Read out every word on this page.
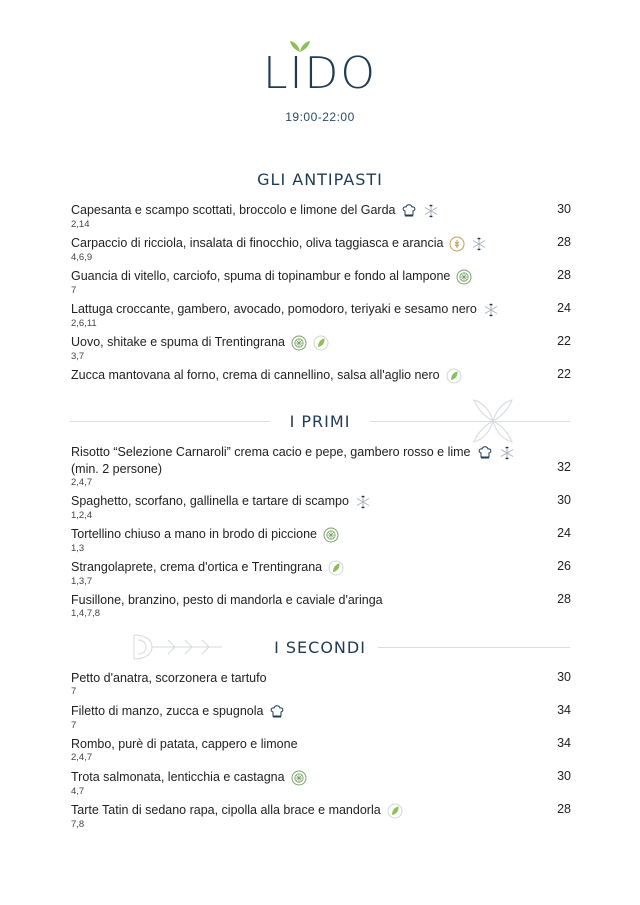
LIDO
19:00-22:00
GLI ANTIPASTI
Capesanta e scampo scottati, broccolo e limone del Garda
2,14
30
Carpaccio di ricciola, insalata di finocchio, oliva taggiasca e arancia
4,6,9
28
Guancia di vitello, carciofo, spuma di topinambur e fondo al lampone
7
28
Lattuga croccante, gambero, avocado, pomodoro, teriyaki e sesamo nero
2,6,11
24
Uovo, shitake e spuma di Trentingrana
3,7
22
Zucca mantovana al forno, crema di cannellino, salsa all'aglio nero	22
I PRIMI
Risotto “Selezione Carnaroli” crema cacio e pepe, gambero rosso e lime
(min. 2 persone)
2,4,7
32
Spaghetto, scorfano, gallinella e tartare di scampo
1,2,4
30
Tortellino chiuso a mano in brodo di piccione
1,3
24
Strangolaprete, crema d'ortica e Trentingrana
1,3,7
26
Fusillone, branzino, pesto di mandorla e caviale d'aringa
1,4,7,8
28
I SECONDI
Petto d'anatra, scorzonera e tartufo
7
30
Filetto di manzo, zucca e spugnola
7
34
Rombo, purè di patata, cappero e limone
2,4,7
34
Trota salmonata, lenticchia e castagna
4,7
30
Tarte Tatin di sedano rapa, cipolla alla brace e mandorla
7,8
28
